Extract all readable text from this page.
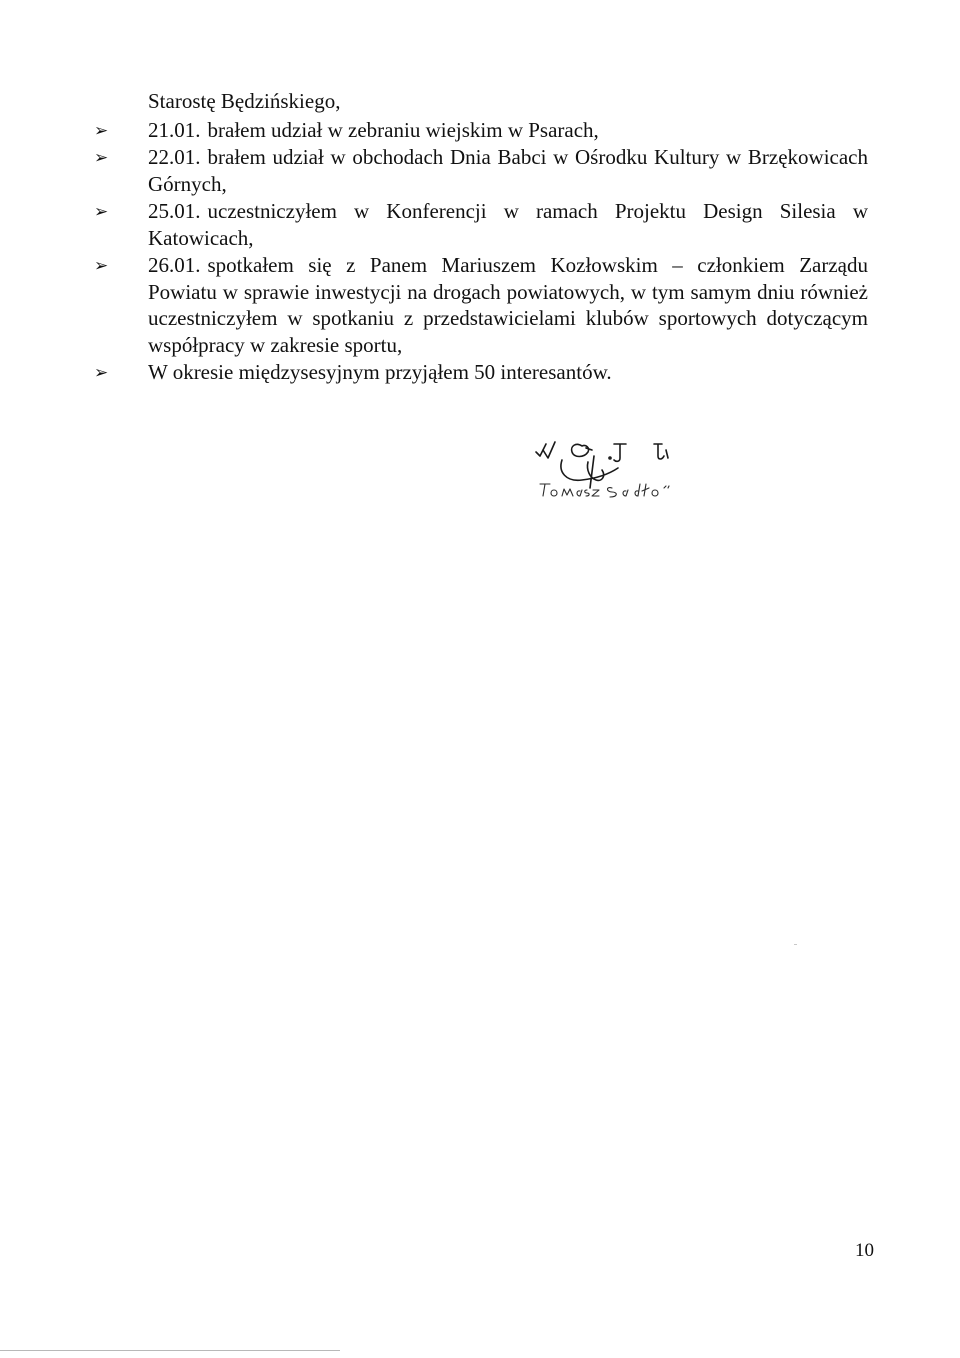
Starostę Będzińskiego,

➢ 21.01. brałem udział w zebraniu wiejskim w Psarach,
➢ 22.01. brałem udział w obchodach Dnia Babci w Ośrodku Kultury w Brzękowicach Górnych,
➢ 25.01. uczestniczyłem w Konferencji w ramach Projektu Design Silesia w Katowicach,
➢ 26.01. spotkałem się z Panem Mariuszem Kozłowskim – członkiem Zarządu Powiatu w sprawie inwestycji na drogach powiatowych, w tym samym dniu również uczestniczyłem w spotkaniu z przedstawicielami klubów sportowych dotyczącym współpracy w zakresie sportu,
➢ W okresie międzysesyjnym przyjąłem 50 interesantów.
10
